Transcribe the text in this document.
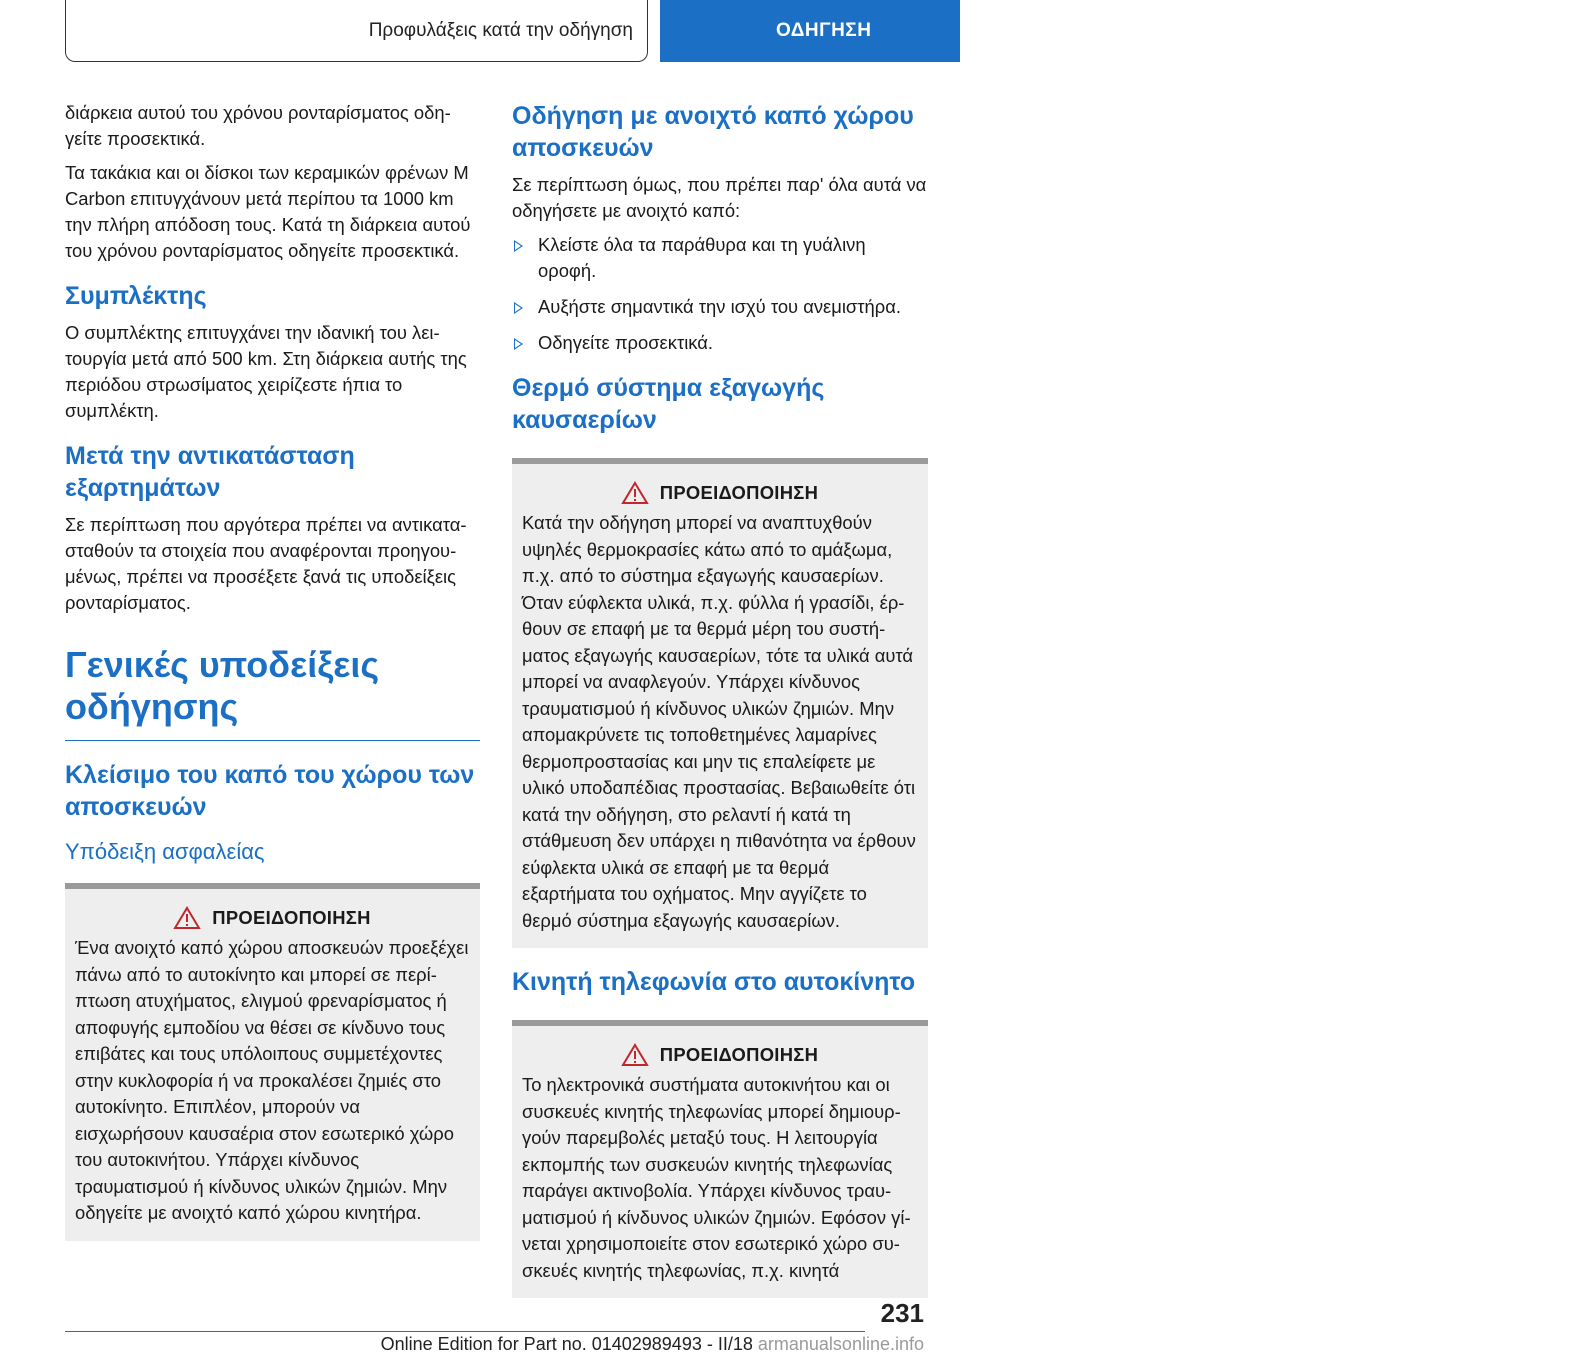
Προφυλάξεις κατά την οδήγηση	ΟΔΗΓΗΣΗ	i

διάρκεια αυτού του χρόνου ρονταρίσματος οδηγείτε προσεκτικά.

Τα τακάκια και οι δίσκοι των κεραμικών φρένων M Carbon επιτυγχάνουν μετά περίπου τα 1000 km την πλήρη απόδοση τους. Κατά τη διάρκεια αυτού του χρόνου ρονταρίσματος οδηγείτε προσεκτικά.

Συμπλέκτης

Ο συμπλέκτης επιτυγχάνει την ιδανική του λειτουργία μετά από 500 km. Στη διάρκεια αυτής της περιόδου στρωσίματος χειρίζεστε ήπια το συμπλέκτη.

Μετά την αντικατάσταση εξαρτημάτων

Σε περίπτωση που αργότερα πρέπει να αντικατασταθούν τα στοιχεία που αναφέρονται προηγουμένως, πρέπει να προσέξετε ξανά τις υποδείξεις ρονταρίσματος.

Γενικές υποδείξεις οδήγησης
Κλείσιμο του καπό του χώρου των αποσκευών
Υπόδειξη ασφαλείας
ΠΡΟΕΙΔΟΠΟΙΗΣΗ

Ένα ανοιχτό καπό χώρου αποσκευών προεξέχει πάνω από το αυτοκίνητο και μπορεί σε περίπτωση ατυχήματος, ελιγμού φρεναρίσματος ή αποφυγής εμποδίου να θέσει σε κίνδυνο τους επιβάτες και τους υπόλοιπους συμμετέχοντες στην κυκλοφορία ή να προκαλέσει ζημιές στο αυτοκίνητο. Επιπλέον, μπορούν να εισχωρήσουν καυσαέρια στον εσωτερικό χώρο του αυτοκινήτου. Υπάρχει κίνδυνος τραυματισμού ή κίνδυνος υλικών ζημιών. Μην οδηγείτε με ανοιχτό καπό χώρου κινητήρα.

Οδήγηση με ανοιχτό καπό χώρου αποσκευών

Σε περίπτωση όμως, που πρέπει παρ' όλα αυτά να οδηγήσετε με ανοιχτό καπό:

Κλείστε όλα τα παράθυρα και τη γυάλινη οροφή.
Αυξήστε σημαντικά την ισχύ του ανεμιστήρα.
Οδηγείτε προσεκτικά.
Θερμό σύστημα εξαγωγής καυσαερίων
ΠΡΟΕΙΔΟΠΟΙΗΣΗ

Κατά την οδήγηση μπορεί να αναπτυχθούν υψηλές θερμοκρασίες κάτω από το αμάξωμα, π.χ. από το σύστημα εξαγωγής καυσαερίων. Όταν εύφλεκτα υλικά, π.χ. φύλλα ή γρασίδι, έρθουν σε επαφή με τα θερμά μέρη του συστήματος εξαγωγής καυσαερίων, τότε τα υλικά αυτά μπορεί να αναφλεγούν. Υπάρχει κίνδυνος τραυματισμού ή κίνδυνος υλικών ζημιών. Μην απομακρύνετε τις τοποθετημένες λαμαρίνες θερμοπροστασίας και μην τις επαλείφετε με υλικό υποδαπέδιας προστασίας. Βεβαιωθείτε ότι κατά την οδήγηση, στο ρελαντί ή κατά τη στάθμευση δεν υπάρχει η πιθανότητα να έρθουν εύφλεκτα υλικά σε επαφή με τα θερμά εξαρτήματα του οχήματος. Μην αγγίζετε το θερμό σύστημα εξαγωγής καυσαερίων.

Κινητή τηλεφωνία στο αυτοκίνητο
ΠΡΟΕΙΔΟΠΟΙΗΣΗ

Το ηλεκτρονικά συστήματα αυτοκινήτου και οι συσκευές κινητής τηλεφωνίας μπορεί δημιουργούν παρεμβολές μεταξύ τους. Η λειτουργία εκπομπής των συσκευών κινητής τηλεφωνίας παράγει ακτινοβολία. Υπάρχει κίνδυνος τραυματισμού ή κίνδυνος υλικών ζημιών. Εφόσον γίνεται χρησιμοποιείτε στον εσωτερικό χώρο συσκευές κινητής τηλεφωνίας, π.χ. κινητά

231
Online Edition for Part no. 01402989493 - II/18 armanualsonline.info
